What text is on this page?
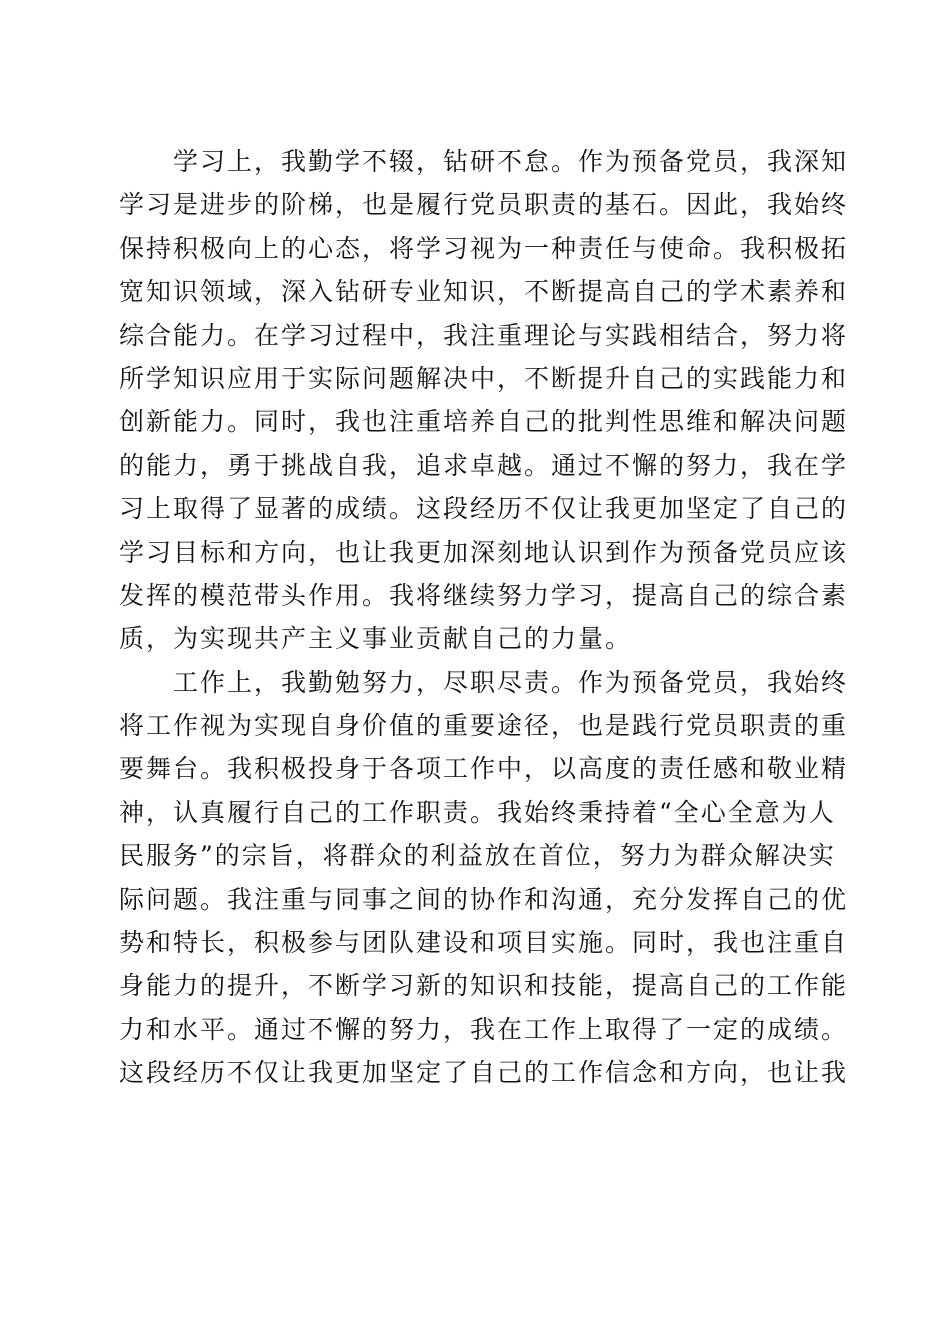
学习上，我勤学不辍，钻研不怠。作为预备党员，我深知
学习是进步的阶梯，也是履行党员职责的基石。因此，我始终
保持积极向上的心态，将学习视为一种责任与使命。我积极拓
宽知识领域，深入钻研专业知识，不断提高自己的学术素养和
综合能力。在学习过程中，我注重理论与实践相结合，努力将
所学知识应用于实际问题解决中，不断提升自己的实践能力和
创新能力。同时，我也注重培养自己的批判性思维和解决问题
的能力，勇于挑战自我，追求卓越。通过不懈的努力，我在学
习上取得了显著的成绩。这段经历不仅让我更加坚定了自己的
学习目标和方向，也让我更加深刻地认识到作为预备党员应该
发挥的模范带头作用。我将继续努力学习，提高自己的综合素
质，为实现共产主义事业贡献自己的力量。
工作上，我勤勉努力，尽职尽责。作为预备党员，我始终
将工作视为实现自身价值的重要途径，也是践行党员职责的重
要舞台。我积极投身于各项工作中，以高度的责任感和敬业精
神，认真履行自己的工作职责。我始终秉持着“全心全意为人
民服务”的宗旨，将群众的利益放在首位，努力为群众解决实
际问题。我注重与同事之间的协作和沟通，充分发挥自己的优
势和特长，积极参与团队建设和项目实施。同时，我也注重自
身能力的提升，不断学习新的知识和技能，提高自己的工作能
力和水平。通过不懈的努力，我在工作上取得了一定的成绩。
这段经历不仅让我更加坚定了自己的工作信念和方向，也让我
